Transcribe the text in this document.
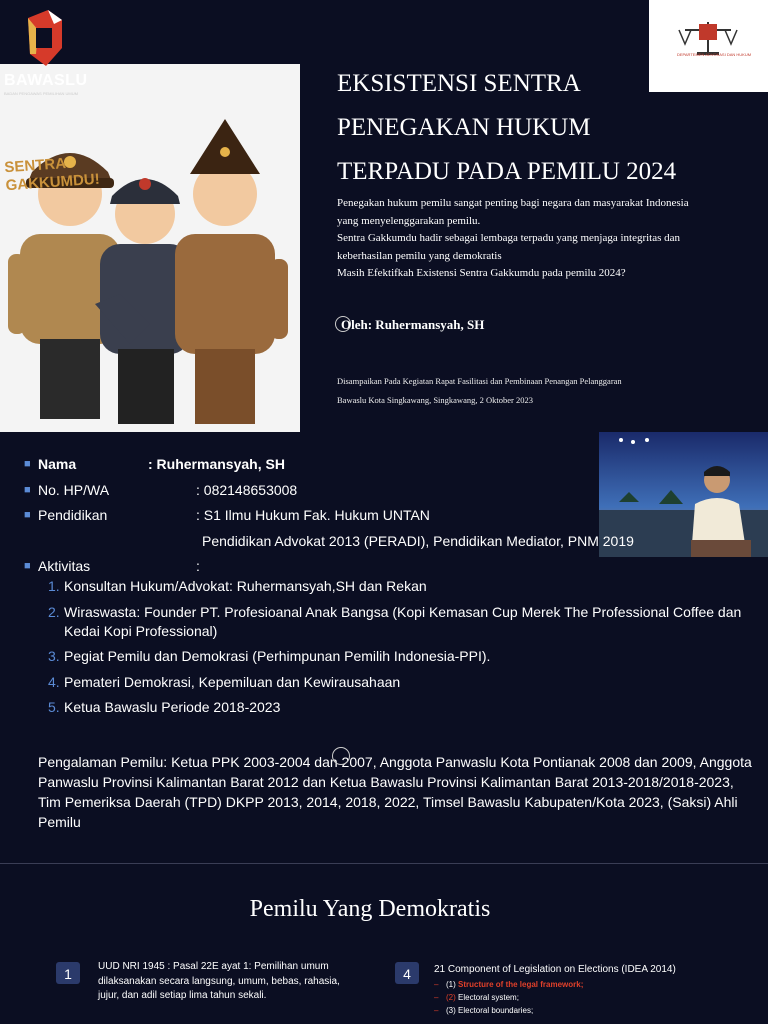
SENTRA
GAKKUMDU!
BAWASLU
BADAN PENGAWAS PEMILIHAN UMUM
DEPARTEMEN ADVOKASI DAN HUKUM
EKSISTENSI SENTRA
PENEGAKAN HUKUM
TERPADU PADA PEMILU 2024
Penegakan hukum pemilu sangat penting bagi negara dan masyarakat Indonesia
yang menyelenggarakan pemilu.
Sentra Gakkumdu hadir sebagai lembaga terpadu yang menjaga integritas dan
keberhasilan pemilu yang demokratis
Masih Efektifkah Existensi Sentra Gakkumdu pada pemilu 2024?
Oleh: Ruhermansyah, SH
Disampaikan Pada Kegiatan Rapat Fasilitasi dan Pembinaan Penangan Pelanggaran
Bawaslu Kota Singkawang, Singkawang, 2 Oktober 2023
■ Nama	: Ruhermansyah, SH
■ No. HP/WA	: 082148653008
■ Pendidikan	: S1 Ilmu Hukum Fak. Hukum UNTAN
Pendidikan Advokat 2013 (PERADI), Pendidikan Mediator, PNM 2019
■ Aktivitas	:
1. Konsultan Hukum/Advokat: Ruhermansyah,SH dan Rekan
2. Wiraswasta: Founder PT. Profesioanal Anak Bangsa (Kopi Kemasan Cup Merek The Professional Coffee dan Kedai Kopi Professional)
3. Pegiat Pemilu dan Demokrasi (Perhimpunan Pemilih Indonesia-PPI).
4. Pemateri Demokrasi, Kepemiluan dan Kewirausahaan
5. Ketua Bawaslu Periode 2018-2023
Pengalaman Pemilu: Ketua PPK 2003-2004 dan 2007, Anggota Panwaslu Kota Pontianak 2008 dan 2009, Anggota Panwaslu Provinsi Kalimantan Barat 2012 dan Ketua Bawaslu Provinsi Kalimantan Barat 2013-2018/2018-2023, Tim Pemeriksa Daerah (TPD) DKPP 2013, 2014, 2018, 2022, Timsel Bawaslu Kabupaten/Kota 2023, (Saksi) Ahli Pemilu
Pemilu Yang Demokratis
1	UUD NRI 1945 : Pasal 22E ayat 1: Pemilihan umum dilaksanakan secara langsung, umum, bebas, rahasia, jujur, dan adil setiap lima tahun sekali.
4	21 Component of Legislation on Elections (IDEA 2014)
– (1) Structure of the legal framework;
– (2) Electoral system;
– (3) Electoral boundaries;
